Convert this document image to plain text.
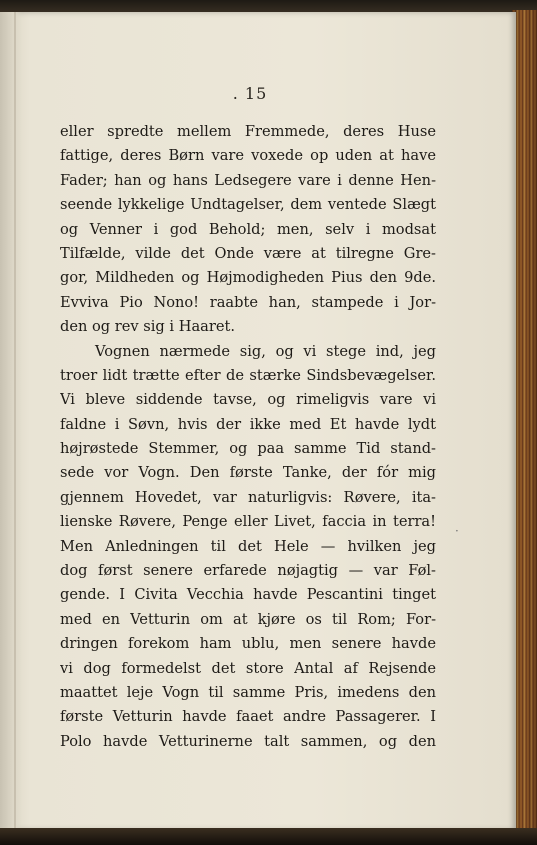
. 15
·
eller spredte mellem Fremmede, deres Huse
fattige, deres Børn vare voxede op uden at have
Fader; han og hans Ledsegere vare i denne Hen-
seende lykkelige Undtagelser, dem ventede Slægt
og Venner i god Behold; men, selv i modsat
Tilfælde, vilde det Onde være at tilregne Gre-
gor, Mildheden og Højmodigheden Pius den 9de.
Evviva Pio Nono! raabte han, stampede i Jor-
den og rev sig i Haaret.
Vognen nærmede sig, og vi stege ind, jeg
troer lidt trætte efter de stærke Sindsbevægelser.
Vi bleve siddende tavse, og rimeligvis vare vi
faldne i Søvn, hvis der ikke med Et havde lydt
højrøstede Stemmer, og paa samme Tid stand-
sede vor Vogn. Den første Tanke, der fór mig
gjennem Hovedet, var naturligvis: Røvere, ita-
lienske Røvere, Penge eller Livet, faccia in terra!
Men Anledningen til det Hele — hvilken jeg
dog først senere erfarede nøjagtig — var Føl-
gende. I Civita Vecchia havde Pescantini tinget
med en Vetturin om at kjøre os til Rom; For-
dringen forekom ham ublu, men senere havde
vi dog formedelst det store Antal af Rejsende
maattet leje Vogn til samme Pris, imedens den
første Vetturin havde faaet andre Passagerer. I
Polo havde Vetturinerne talt sammen, og den
